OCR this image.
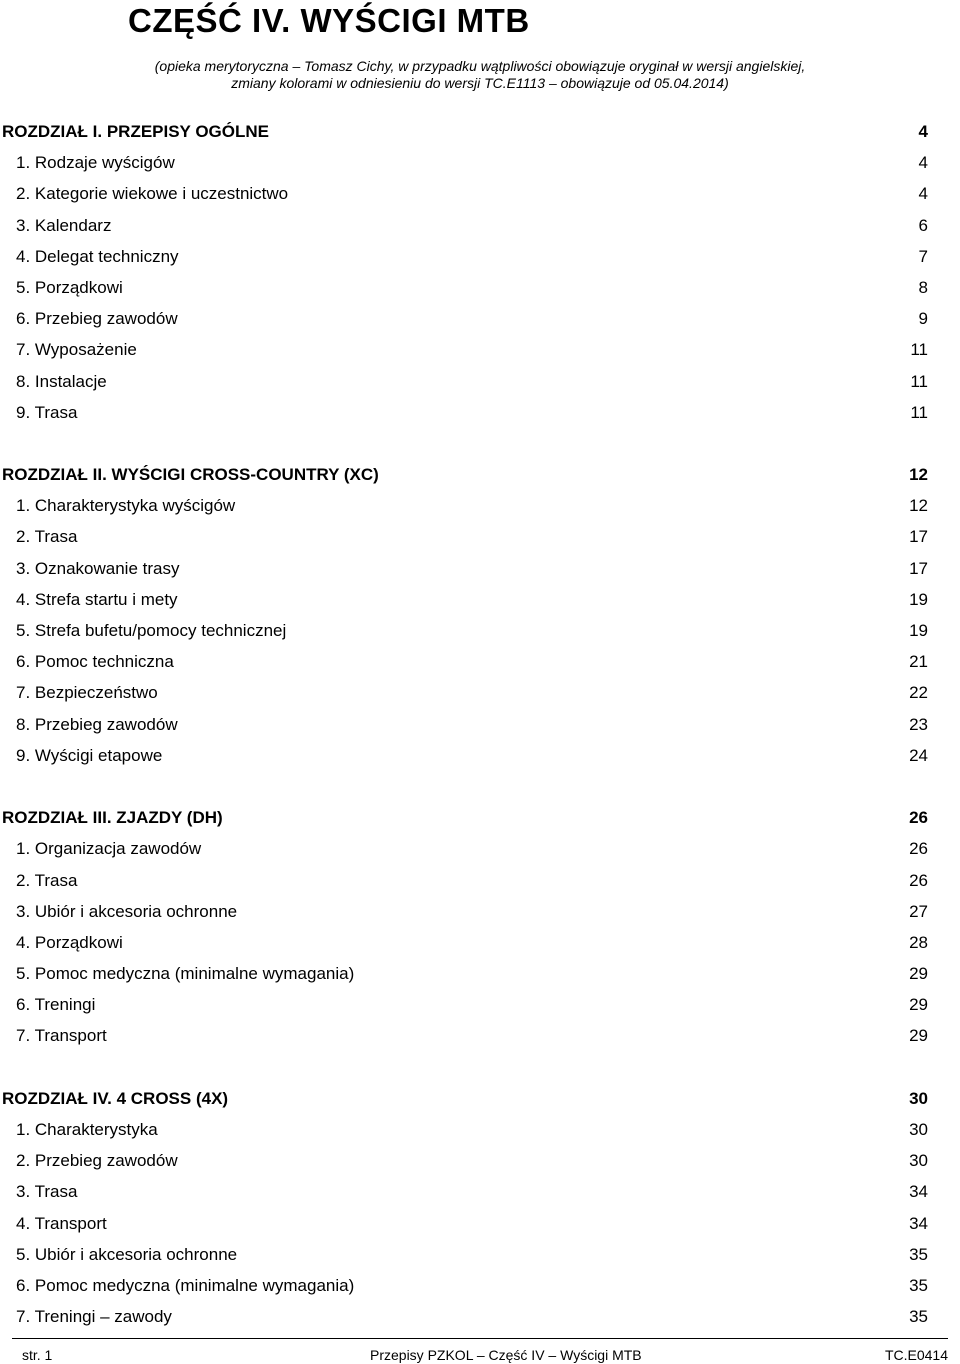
CZĘŚĆ IV. WYŚCIGI MTB
(opieka merytoryczna – Tomasz Cichy, w przypadku wątpliwości obowiązuje oryginał w wersji angielskiej,
zmiany kolorami w odniesieniu do wersji TC.E1113 – obowiązuje od 05.04.2014)
ROZDZIAŁ I. PRZEPISY OGÓLNE	4
1. Rodzaje wyścigów	4
2. Kategorie wiekowe i uczestnictwo	4
3. Kalendarz	6
4. Delegat techniczny	7
5. Porządkowi	8
6. Przebieg zawodów	9
7. Wyposażenie	11
8. Instalacje	11
9. Trasa	11
ROZDZIAŁ II. WYŚCIGI CROSS-COUNTRY (XC)	12
1. Charakterystyka wyścigów	12
2. Trasa	17
3. Oznakowanie trasy	17
4. Strefa startu i mety	19
5. Strefa bufetu/pomocy technicznej	19
6. Pomoc techniczna	21
7. Bezpieczeństwo	22
8. Przebieg zawodów	23
9. Wyścigi etapowe	24
ROZDZIAŁ III. ZJAZDY (DH)	26
1. Organizacja zawodów	26
2. Trasa	26
3. Ubiór i akcesoria ochronne	27
4. Porządkowi	28
5. Pomoc medyczna (minimalne wymagania)	29
6. Treningi	29
7. Transport	29
ROZDZIAŁ IV. 4 CROSS (4X)	30
1. Charakterystyka	30
2. Przebieg zawodów	30
3. Trasa	34
4. Transport	34
5. Ubiór i akcesoria ochronne	35
6. Pomoc medyczna (minimalne wymagania)	35
7. Treningi – zawody	35
str. 1	Przepisy PZKOL – Część IV – Wyścigi MTB	TC.E0414
